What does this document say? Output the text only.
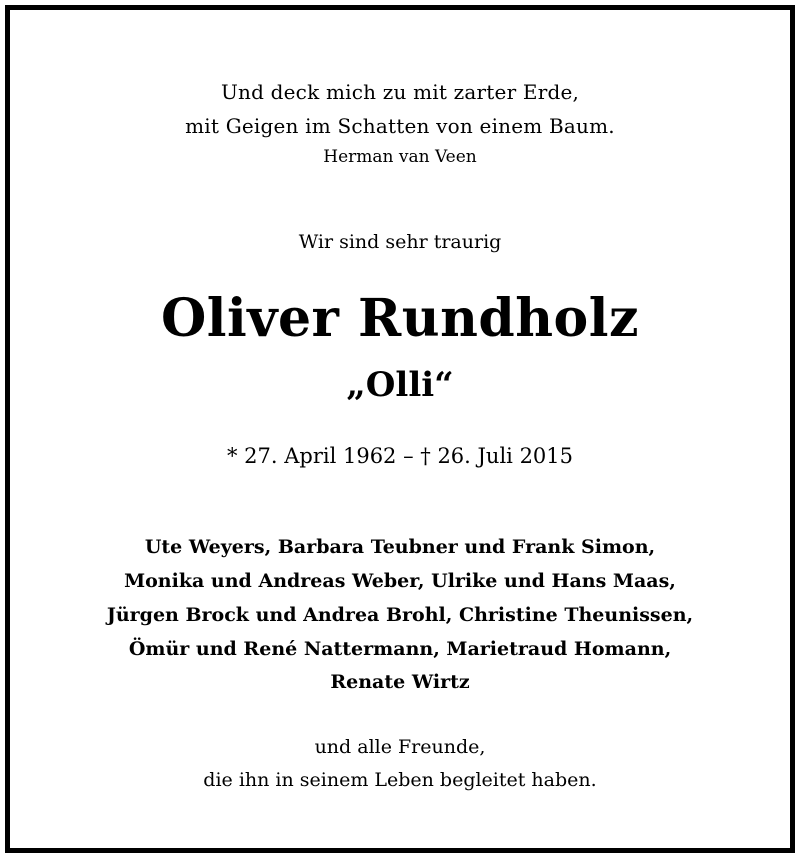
Und deck mich zu mit zarter Erde,
mit Geigen im Schatten von einem Baum.
Herman van Veen
Wir sind sehr traurig
Oliver Rundholz
„Olli“
* 27. April 1962 – † 26. Juli 2015
Ute Weyers, Barbara Teubner und Frank Simon,
Monika und Andreas Weber, Ulrike und Hans Maas,
Jürgen Brock und Andrea Brohl, Christine Theunissen,
Ömür und René Nattermann, Marietraud Homann,
Renate Wirtz
und alle Freunde,
die ihn in seinem Leben begleitet haben.
